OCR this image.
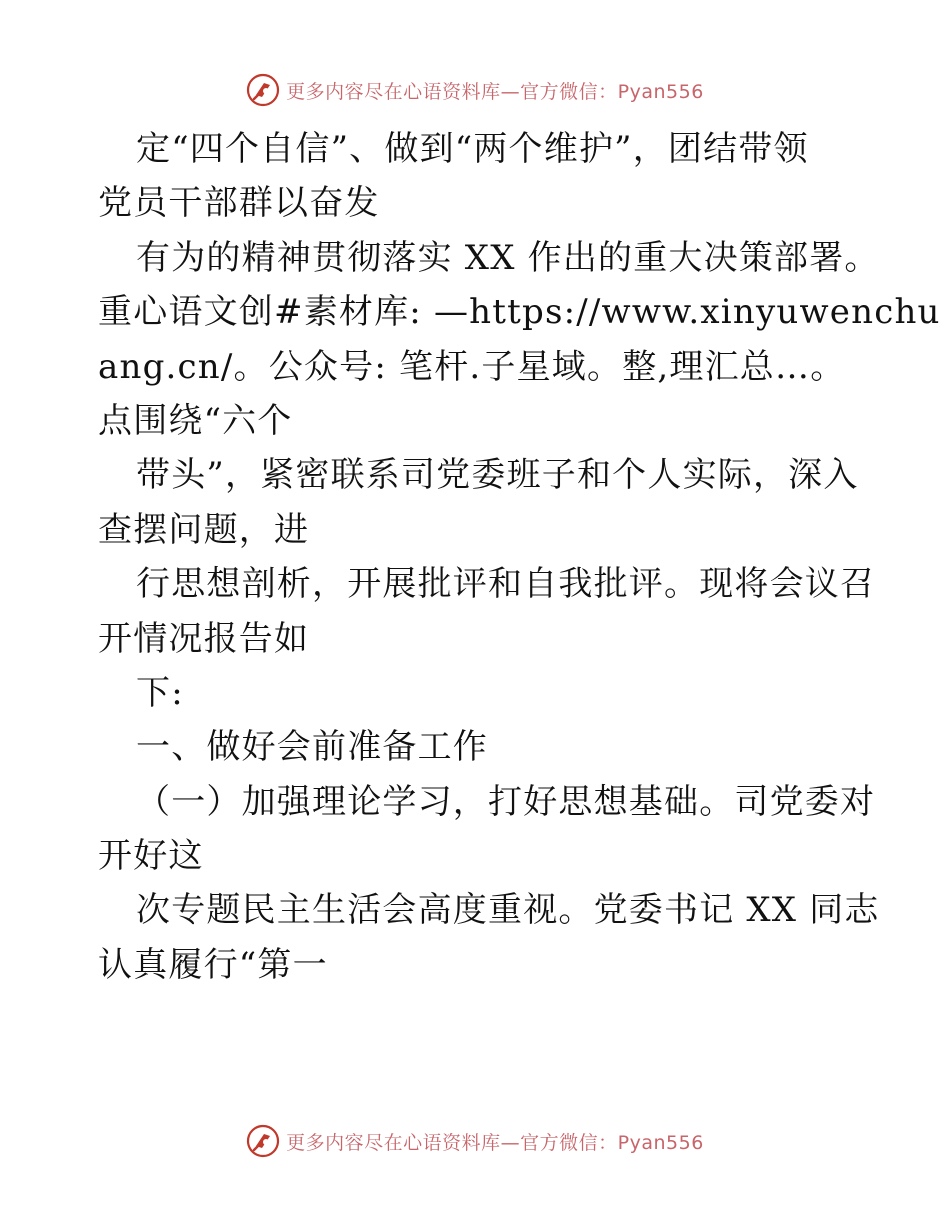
更多内容尽在心语资料库—官方微信：Pyan556
定“四个自信”、做到“两个维护”，团结带领
党员干部群以奋发
有为的精神贯彻落实 XX 作出的重大决策部署。
重心语文创#素材库: —https://www.xinyuwenchu
ang.cn/。公众号: 笔杆.子星域。整,理汇总…。
点围绕“六个
带头”，紧密联系司党委班子和个人实际，深入
查摆问题，进
行思想剖析，开展批评和自我批评。现将会议召
开情况报告如
下:
一、做好会前准备工作
（一）加强理论学习，打好思想基础。司党委对
开好这
次专题民主生活会高度重视。党委书记 XX 同志
认真履行“第一
更多内容尽在心语资料库—官方微信：Pyan556
